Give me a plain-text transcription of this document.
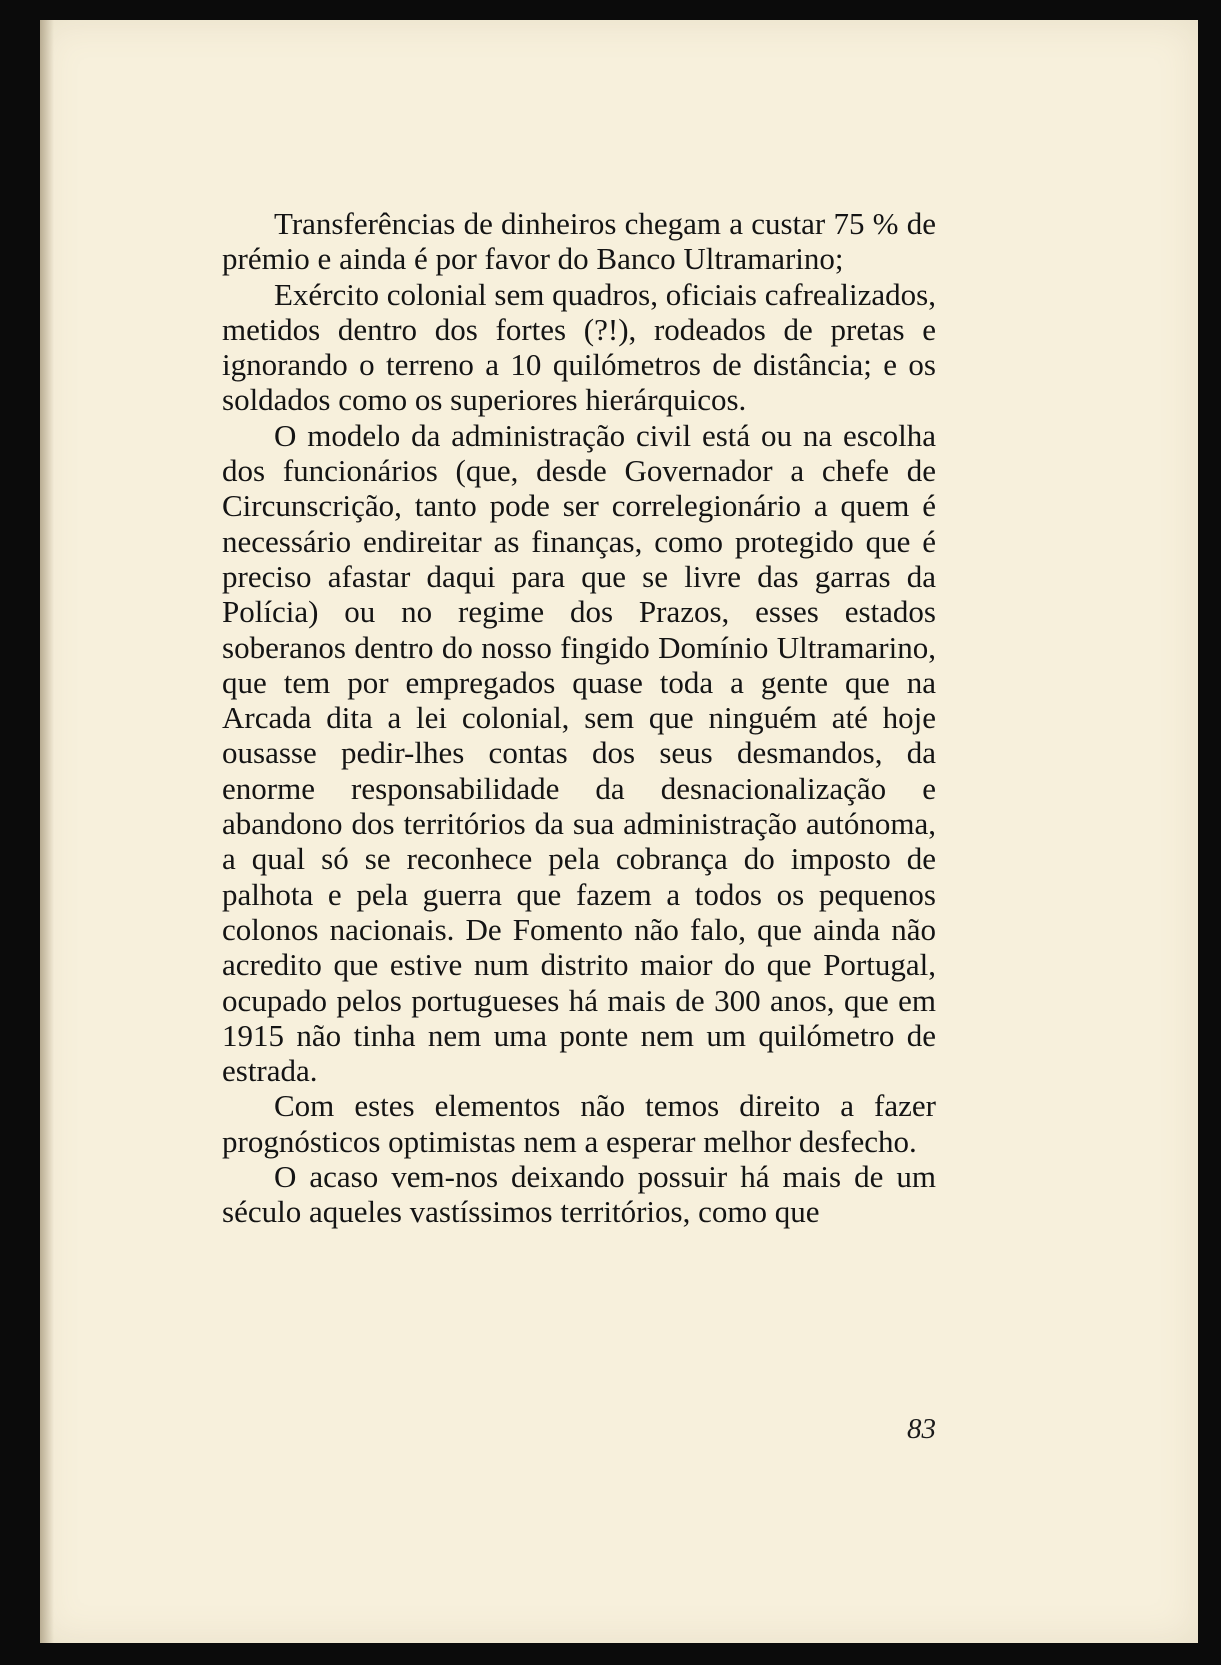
Transferências de dinheiros chegam a custar 75 % de prémio e ainda é por favor do Banco Ultramarino;

Exército colonial sem quadros, oficiais cafrealizados, metidos dentro dos fortes (?!), rodeados de pretas e ignorando o terreno a 10 quilómetros de distância; e os soldados como os superiores hierárquicos.

O modelo da administração civil está ou na escolha dos funcionários (que, desde Governador a chefe de Circunscrição, tanto pode ser correlegionário a quem é necessário endireitar as finanças, como protegido que é preciso afastar daqui para que se livre das garras da Polícia) ou no regime dos Prazos, esses estados soberanos dentro do nosso fingido Domínio Ultramarino, que tem por empregados quase toda a gente que na Arcada dita a lei colonial, sem que ninguém até hoje ousasse pedir-lhes contas dos seus desmandos, da enorme responsabilidade da desnacionalização e abandono dos territórios da sua administração autónoma, a qual só se reconhece pela cobrança do imposto de palhota e pela guerra que fazem a todos os pequenos colonos nacionais. De Fomento não falo, que ainda não acredito que estive num distrito maior do que Portugal, ocupado pelos portugueses há mais de 300 anos, que em 1915 não tinha nem uma ponte nem um quilómetro de estrada.

Com estes elementos não temos direito a fazer prognósticos optimistas nem a esperar melhor desfecho.

O acaso vem-nos deixando possuir há mais de um século aqueles vastíssimos territórios, como que

83
